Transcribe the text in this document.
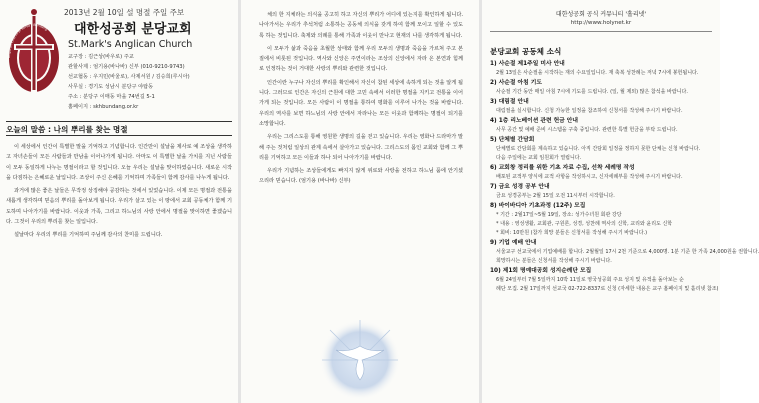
Anglican Church of Korea · Bundang
2013년 2월 10일 설 명절 주일 주보
대한성공회 분당교회
St.Mark's Anglican Church
교구장 : 김근상(바우로) 주교
관할사제 : 엄기용(바나바) 신부 (010-9210-9743)
선교협동 : 우지민(바울로), 사제서원 / 김승희(루시아)
사무실 : 경기도 성남시 분당구 야탑동
주소 : 분당구 이매동 마을 74번길 5-1
홈페이지 : skhbundang.or.kr
오늘의 말씀 : 나의 뿌리를 찾는 명절

이 세상에서 인간이 특별한 말을 기억하고 기념합니다. 인간만이 설날을 제사로 예 조상을 생각하고 자녀손들이 모든 사람들과 만남을 이어나가게 됩니다. 아마도 이 특별한 날을 가치를 지닌 사람들이 모두 동일하게 나누는 명절이라고 할 것입니다. 오늘 우리는 설날을 맞이하였습니다. 새로운 시작을 다짐하는 은혜로운 날입니다. 조상이 주신 은혜를 기억하며 가족들이 함께 감사를 나누게 됩니다.

과거에 많은 좋은 날들은 무작정 상징해야 공감하는 것에서 있었습니다. 이제 모든 명절과 전통을 새롭게 생각하며 믿음의 뿌리를 돌아보게 됩니다. 우리가 살고 있는 이 땅에서 교회 공동체가 함께 기도하며 나아가기를 바랍니다. 이웃과 가족, 그리고 하느님의 사랑 안에서 명절을 맞이하면 좋겠습니다. 그것이 우리의 뿌리를 찾는 일입니다.

설날마다 우리의 뿌리를 기억하며 주님께 감사의 찬미를 드립니다.

체의 한 지체라는 의식을 공고히 하고 자신의 뿌리가 어디에 있는지를 확인하게 됩니다. 나아가서는 우리가 추석처럼 소통하는 공동체 의식을 갖게 하여 함께 모이고 일할 수 있도록 하는 것입니다. 축제와 의례를 통해 가족과 이웃이 만나고 현재의 나를 생각하게 됩니다.

이 모두가 삶과 죽음을 초월한 상태와 함께 우리 모두의 생명과 죽음을 가르쳐 주고 본질에서 비롯된 것입니다. 역사와 신앙은 주연이라는 조상의 신앙에서 자라 온 본연과 힘께로 인정하는 것이 거대한 사랑의 뿌리와 관련한 것입니다.

인간이란 누구나 자신의 뿌리를 확인해서 자신이 참된 세상에 속하게 되는 것을 알게 됩니다. 그러므로 인간은 자신의 근원에 대한 고민 속에서 이러한 명절을 지키고 전통을 이어가게 되는 것입니다. 모든 사람이 이 명절을 통하여 평화를 이루어 나가는 것을 바랍니다. 우리의 역사를 보면 하느님의 사랑 안에서 자라나는 모든 이웃과 함께하는 명절이 되기를 소망합니다.

우리는 그리스도를 통해 영원한 생명의 길을 걷고 있습니다. 우리는 영화나 드라마가 말해 주는 것처럼 일상의 관계 속에서 살아가고 있습니다. 그리스도의 몸인 교회와 함께 그 뿌리를 기억하고 모든 이들과 하나 되어 나아가기를 바랍니다.

우리가 기념하는 조상들에게도 빠지지 않게 위로와 사랑을 전하고 하느님 품에 안기셨으리라 믿습니다. (엄기용 (바나바) 신부)

대한성공회 공식 커뮤니티 '홀리넷'
http://www.holynet.kr
분당교회 공동체 소식
1) 사순절 제1주일 미사 안내
2월 13일은 사순절을 시작하는 재의 수요일입니다. 재 축복 성찬례는 저녁 7시에 봉헌됩니다.
2) 사순절 아침 기도
사순절 기간 동안 매일 아침 7시에 기도를 드립니다. (일, 월 제외) 많은 참석을 바랍니다.
3) 대림절 안내
대림절을 실시합니다. 신청 가능한 일정을 참조하여 신청서를 작성해 주시기 바랍니다.
4) 1층 리노베이션 관련 헌금 안내
사무 공간 및 예배 준비 시스템을 구축 중입니다. 관련한 특별 헌금을 부탁 드립니다.
5) 단체별 간담회
단체별로 간담회를 계속하고 있습니다. 아직 간담회 일정을 정하지 못한 단체는 신청 바랍니다.
다음 주일에는 교회 임원회가 열립니다.
6) 교회창 정리를 위한 기초 자료 수집, 선착 세례명 작성
배포된 교적부 양식에 교적 사항을 작성하시고, 신자세례부를 작성해 주시기 바랍니다.
7) 금요 성경 공부 안내
금요 성경공부는 2월 15일 오전 11시부터 시작합니다.
8) 바이바디아 기초과정 (12주) 모집
* 기간 : 2월17일~5월 19일, 장소: 성가수녀원 회관 강당
* 내용 : 영성생활, 교회관, 구원론, 성경, 성찬례 역사의 신학, 교리와 윤리도 신학
* 회비: 10만원 (참가 희망 분들은 신청서를 작성해 주시기 바랍니다.)
9) 기업 예배 안내
서울교구 선교국에서 기업예배를 합니다. 2월월일 17시 2천 기준으로 4,000명. 1분 기준 한 가족 24,000원을 권합니다.
희망하시는 분들은 신청서를 작성해 주시기 바랍니다.
10) 제1회 명예대공회 성지순례단 모집
6월 24일부터 7월 5일까지 10박 11일로 영국성공회 주요 성지 및 유적을 돌아보는 순
례단 모집. 2월 17일까지 선교국 02-722-8337로 신청 (자세한 내용은 교구 홈페이지 및 홀리넷 참조)
